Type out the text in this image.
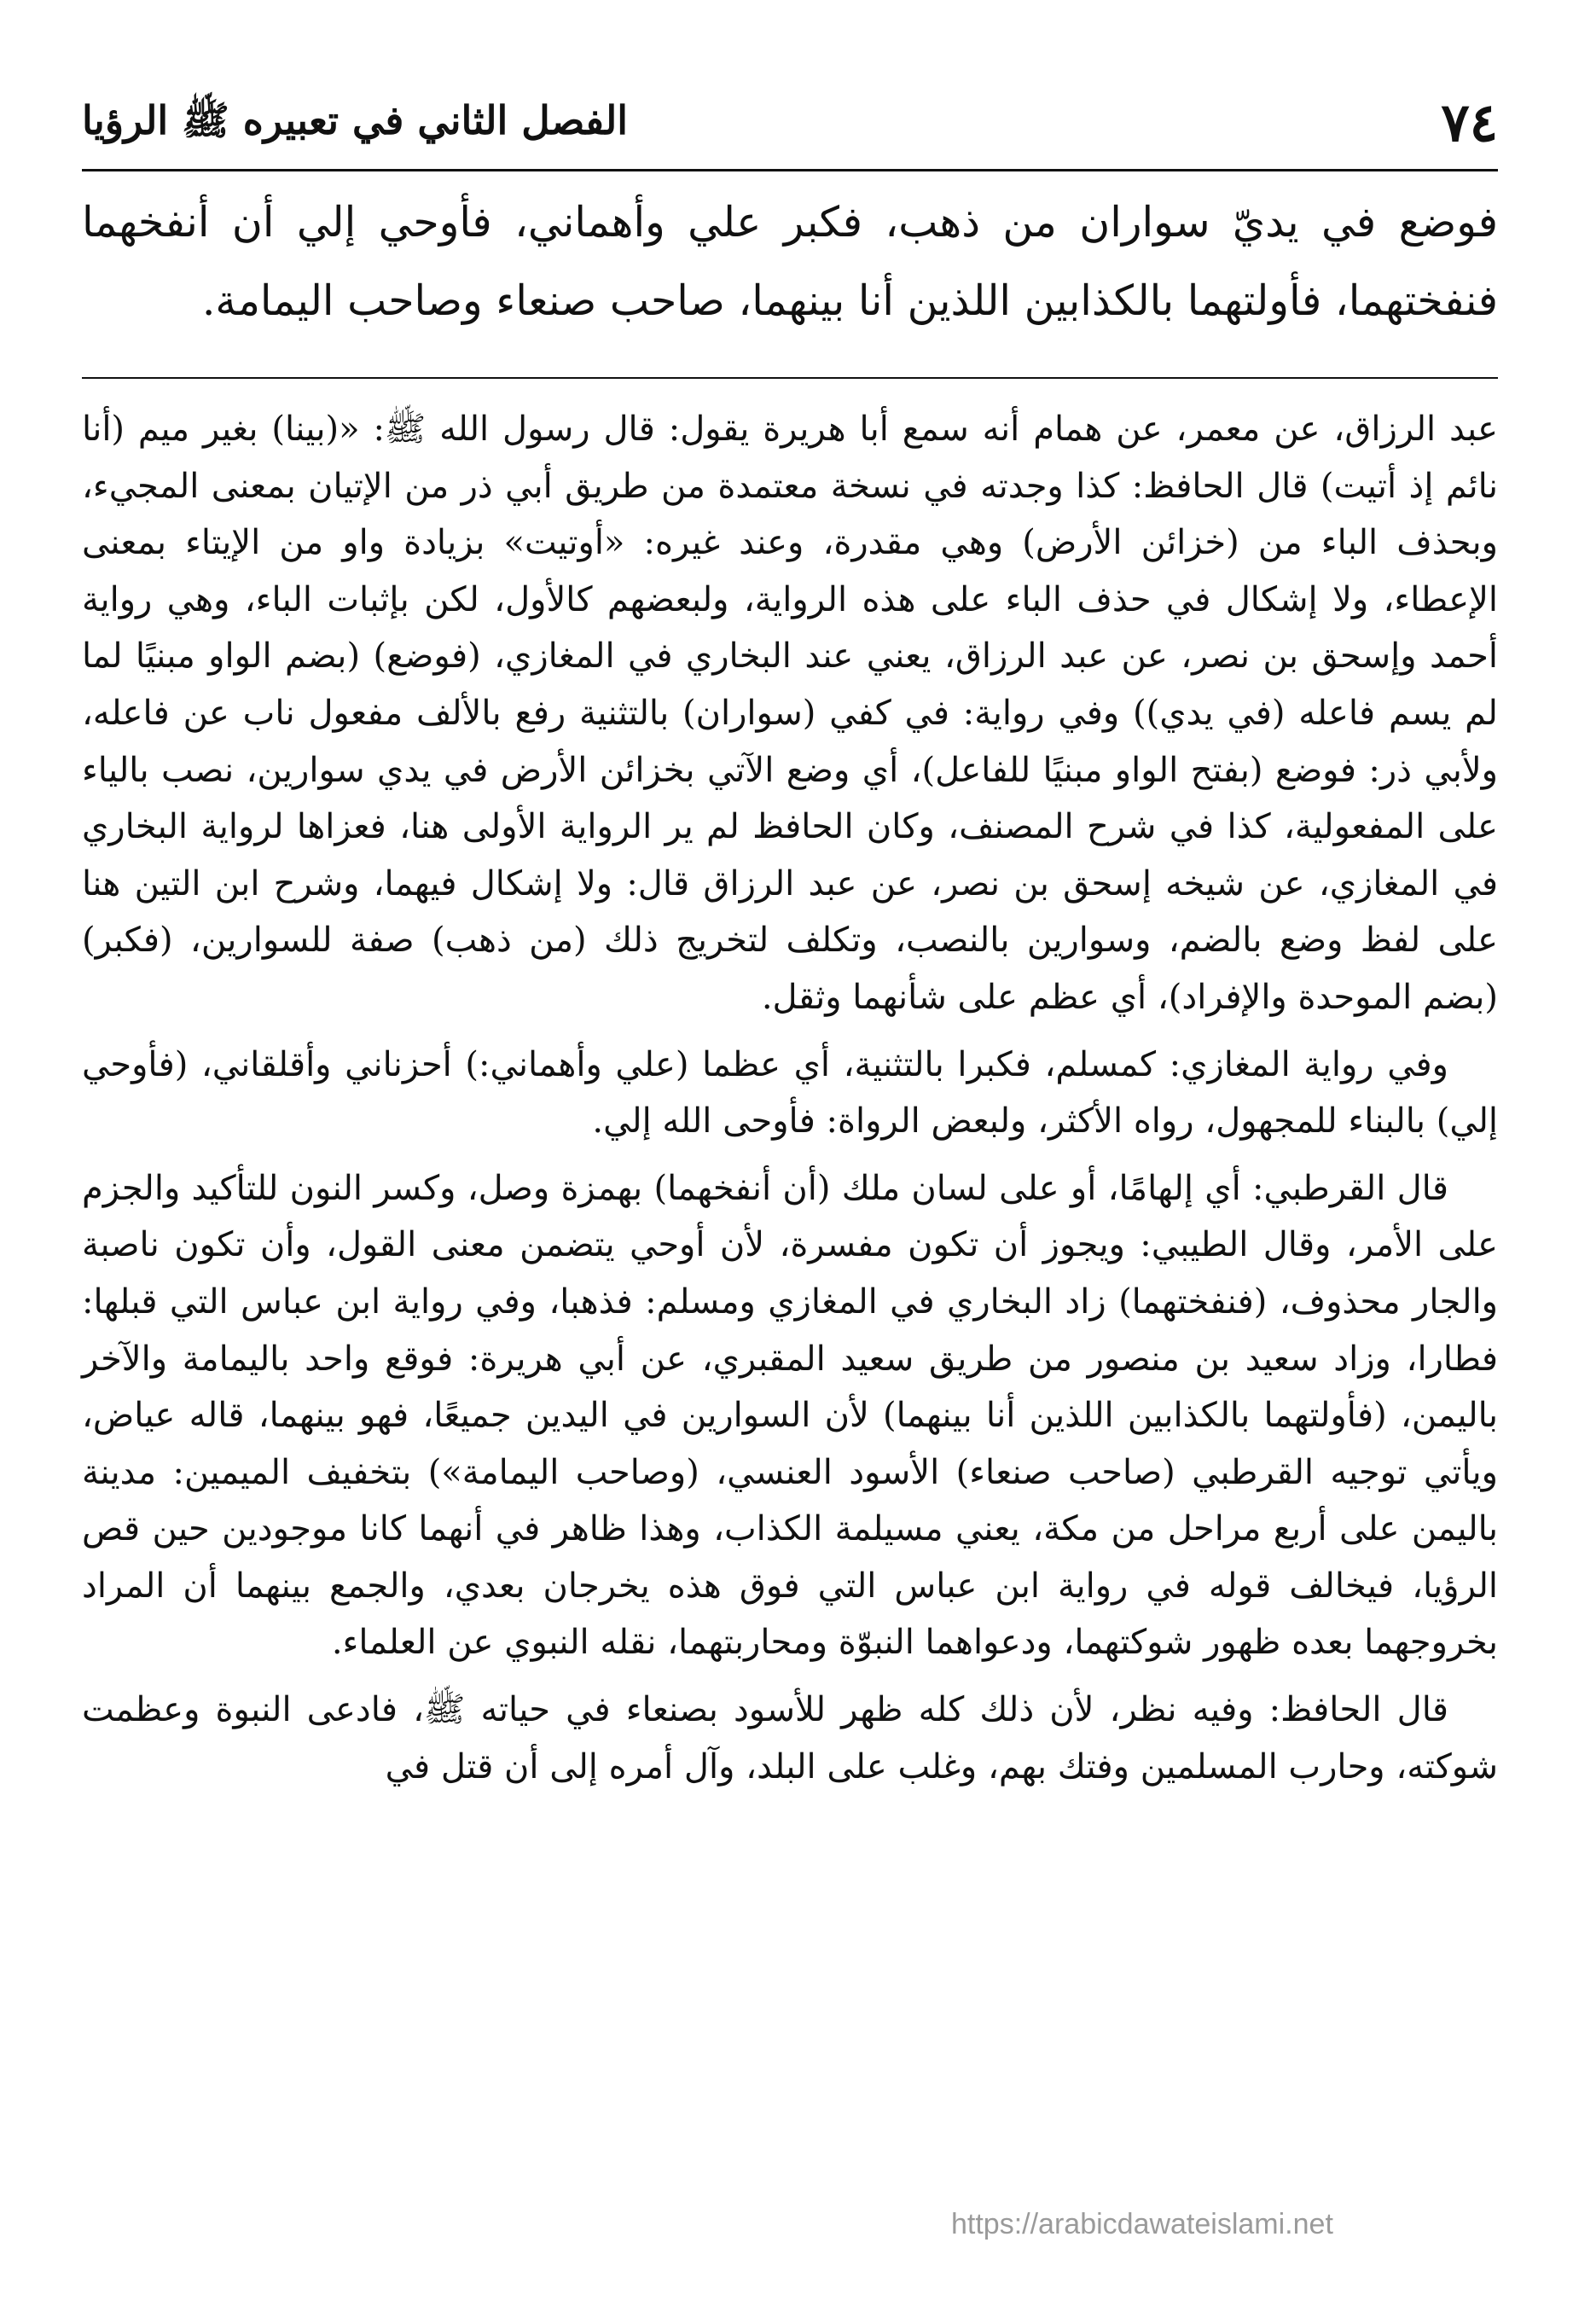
٧٤
الفصل الثاني في تعبيره ﷺ الرؤيا
فوضع في يديّ سواران من ذهب، فكبر علي وأهماني، فأوحي إلي أن أنفخهما فنفختهما، فأولتهما بالكذابين اللذين أنا بينهما، صاحب صنعاء وصاحب اليمامة.

عبد الرزاق، عن معمر، عن همام أنه سمع أبا هريرة يقول: قال رسول الله ﷺ: «(بينا) بغير ميم (أنا نائم إذ أتيت) قال الحافظ: كذا وجدته في نسخة معتمدة من طريق أبي ذر من الإتيان بمعنى المجيء، وبحذف الباء من (خزائن الأرض) وهي مقدرة، وعند غيره: «أوتيت» بزيادة واو من الإيتاء بمعنى الإعطاء، ولا إشكال في حذف الباء على هذه الرواية، ولبعضهم كالأول، لكن بإثبات الباء، وهي رواية أحمد وإسحق بن نصر، عن عبد الرزاق، يعني عند البخاري في المغازي، (فوضع) (بضم الواو مبنيًا لما لم يسم فاعله (في يدي)) وفي رواية: في كفي (سواران) بالتثنية رفع بالألف مفعول ناب عن فاعله، ولأبي ذر: فوضع (بفتح الواو مبنيًا للفاعل)، أي وضع الآتي بخزائن الأرض في يدي سوارين، نصب بالياء على المفعولية، كذا في شرح المصنف، وكان الحافظ لم ير الرواية الأولى هنا، فعزاها لرواية البخاري في المغازي، عن شيخه إسحق بن نصر، عن عبد الرزاق قال: ولا إشكال فيهما، وشرح ابن التين هنا على لفظ وضع بالضم، وسوارين بالنصب، وتكلف لتخريج ذلك (من ذهب) صفة للسوارين، (فكبر) (بضم الموحدة والإفراد)، أي عظم على شأنهما وثقل.

وفي رواية المغازي: كمسلم، فكبرا بالتثنية، أي عظما (علي وأهماني:) أحزناني وأقلقاني، (فأوحي إلي) بالبناء للمجهول، رواه الأكثر، ولبعض الرواة: فأوحى الله إلي.

قال القرطبي: أي إلهامًا، أو على لسان ملك (أن أنفخهما) بهمزة وصل، وكسر النون للتأكيد والجزم على الأمر، وقال الطيبي: ويجوز أن تكون مفسرة، لأن أوحي يتضمن معنى القول، وأن تكون ناصبة والجار محذوف، (فنفختهما) زاد البخاري في المغازي ومسلم: فذهبا، وفي رواية ابن عباس التي قبلها: فطارا، وزاد سعيد بن منصور من طريق سعيد المقبري، عن أبي هريرة: فوقع واحد باليمامة والآخر باليمن، (فأولتهما بالكذابين اللذين أنا بينهما) لأن السوارين في اليدين جميعًا، فهو بينهما، قاله عياض، ويأتي توجيه القرطبي (صاحب صنعاء) الأسود العنسي، (وصاحب اليمامة») بتخفيف الميمين: مدينة باليمن على أربع مراحل من مكة، يعني مسيلمة الكذاب، وهذا ظاهر في أنهما كانا موجودين حين قص الرؤيا، فيخالف قوله في رواية ابن عباس التي فوق هذه يخرجان بعدي، والجمع بينهما أن المراد بخروجهما بعده ظهور شوكتهما، ودعواهما النبوّة ومحاربتهما، نقله النبوي عن العلماء.

قال الحافظ: وفيه نظر، لأن ذلك كله ظهر للأسود بصنعاء في حياته ﷺ، فادعى النبوة وعظمت شوكته، وحارب المسلمين وفتك بهم، وغلب على البلد، وآل أمره إلى أن قتل في

https://arabicdawateislami.net
